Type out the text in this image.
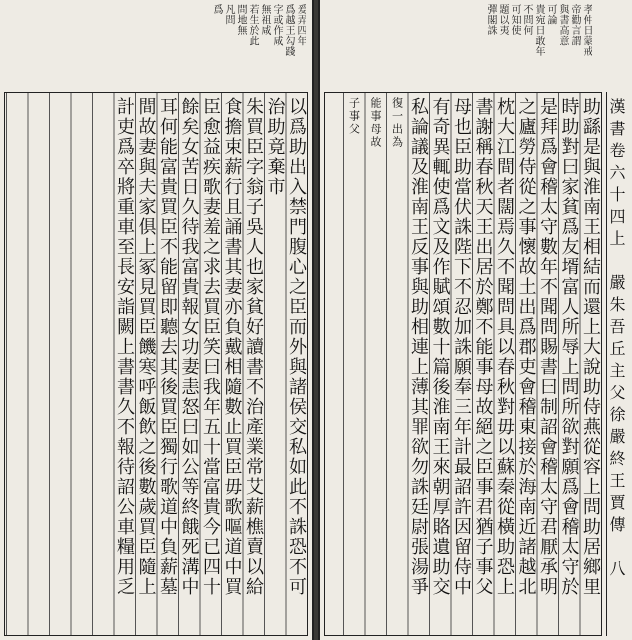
爰弄四年
爲越王勾踐
字或作咸
無祖咸
若生於此
問地無
凡問
爲
以爲助出入禁門腹心之臣而外與諸侯交私如此不誅恐不可
治助竟棄市
朱買臣字翁子吳人也家貧好讀書不治產業常艾薪樵賣以給
食擔束薪行且誦書其妻亦負戴相隨數止買臣毋歌嘔道中買
臣愈益疾歌妻羞之求去買臣笑曰我年五十當富貴今已四十
餘矣女苦日久待我富貴報女功妻恚怒曰如公等終餓死溝中
耳何能富貴買臣不能留即聽去其後買臣獨行歌道中負薪墓
間故妻與夫家俱上冢見買臣饑寒呼飯飲之後數歲買臣隨上
計吏爲卒將重車至長安詣闕上書書久不報待詔公車糧用乏
孝仲日蒙戒
帝勸言謂
與書高意
可論
貴宛日敢年
不問何
可知使
題以夷
彈閣誅
助繇是與淮南王相結而還上大說助侍燕從容上問助居鄉里
時助對曰家貧爲友壻富人所辱上問所欲對願爲會稽太守於
是拜爲會稽太守數年不聞問賜書曰制詔會稽太守君厭承明
之廬勞侍從之事懷故土出爲郡吏會稽東接於海南近諸越北
枕大江間者闊焉久不聞問具以春秋對毋以蘇秦從橫助恐上
書謝稱春秋天王出居於鄭不能事母故絕之臣事君猶子事父
母也臣助當伏誅陛下不忍加誅願奉三年計最詔許因留侍中
有奇異輒使爲文及作賦頌數十篇後淮南王來朝厚賂遺助交
私論議及淮南王反事與助相連上薄其罪欲勿誅廷尉張湯爭
復一出為
能事母故
子事父	漢書卷六十四上　嚴朱吾丘主父徐嚴終王賈傳　八
